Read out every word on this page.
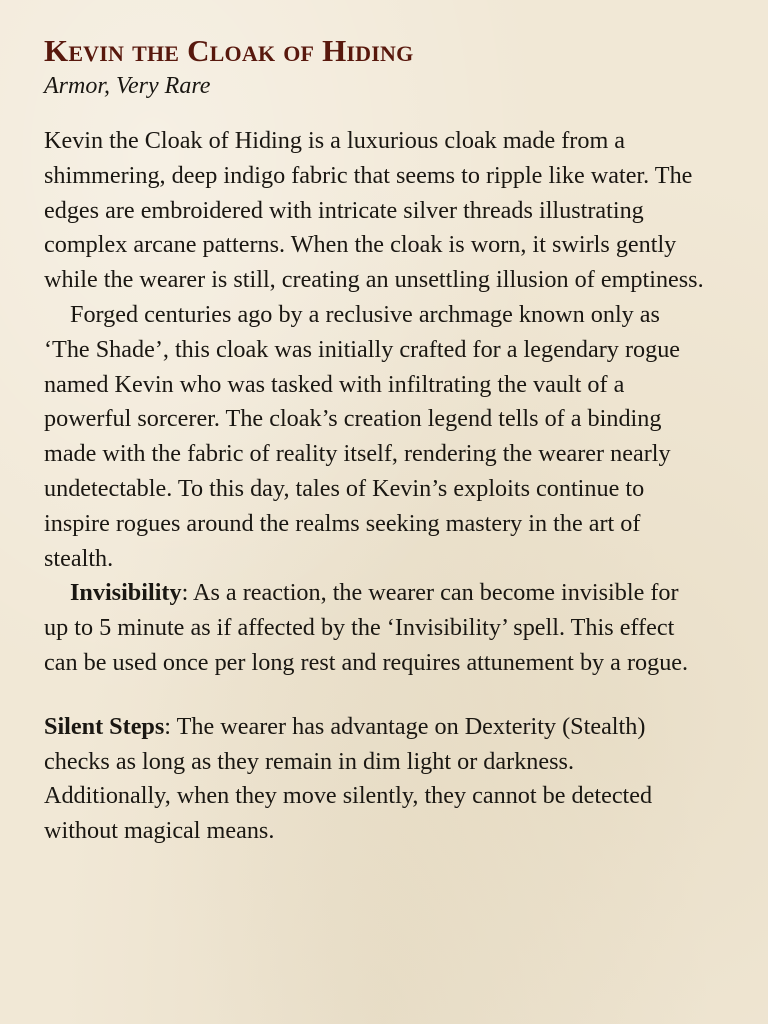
Kevin the Cloak of Hiding

Armor, Very Rare

Kevin the Cloak of Hiding is a luxurious cloak made from a shimmering, deep indigo fabric that seems to ripple like water. The edges are embroidered with intricate silver threads illustrating complex arcane patterns. When the cloak is worn, it swirls gently while the wearer is still, creating an unsettling illusion of emptiness.

Forged centuries ago by a reclusive archmage known only as ‘The Shade’, this cloak was initially crafted for a legendary rogue named Kevin who was tasked with infiltrating the vault of a powerful sorcerer. The cloak’s creation legend tells of a binding made with the fabric of reality itself, rendering the wearer nearly undetectable. To this day, tales of Kevin’s exploits continue to inspire rogues around the realms seeking mastery in the art of stealth.

Invisibility: As a reaction, the wearer can become invisible for up to 5 minute as if affected by the ‘Invisibility’ spell. This effect can be used once per long rest and requires attunement by a rogue.

Silent Steps: The wearer has advantage on Dexterity (Stealth) checks as long as they remain in dim light or darkness. Additionally, when they move silently, they cannot be detected without magical means.
